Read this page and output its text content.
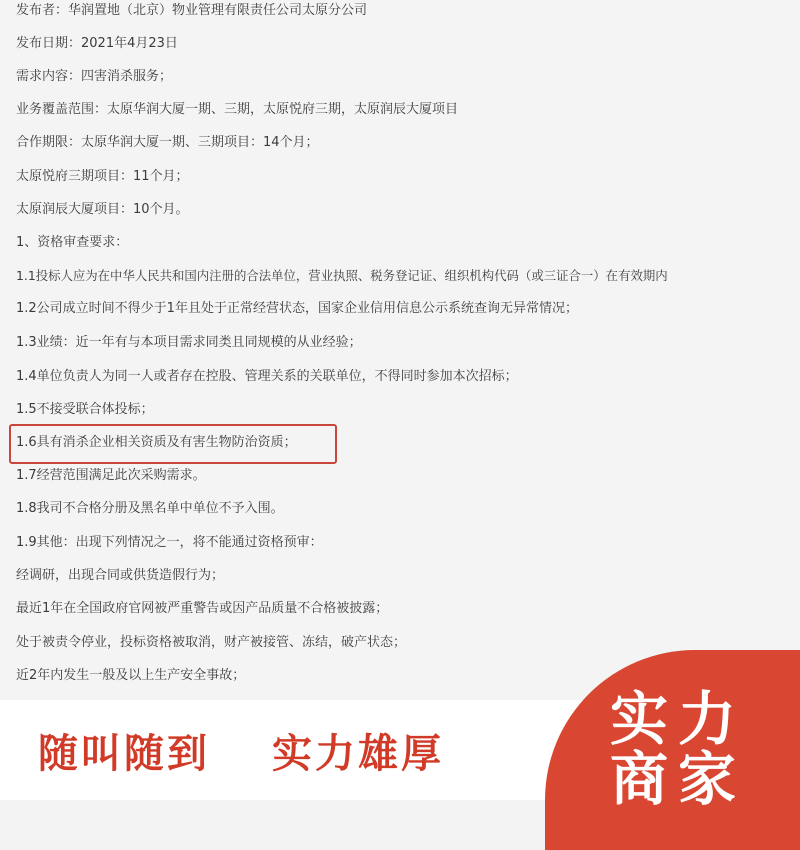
发布者：华润置地（北京）物业管理有限责任公司太原分公司
发布日期：2021年4月23日
需求内容：四害消杀服务；
业务覆盖范围：太原华润大厦一期、三期，太原悦府三期，太原润辰大厦项目
合作期限：太原华润大厦一期、三期项目：14个月；
太原悦府三期项目：11个月；
太原润辰大厦项目：10个月。
1、资格审查要求：
1.1投标人应为在中华人民共和国内注册的合法单位，营业执照、税务登记证、组织机构代码（或三证合一）在有效期内
1.2公司成立时间不得少于1年且处于正常经营状态，国家企业信用信息公示系统查询无异常情况；
1.3业绩：近一年有与本项目需求同类且同规模的从业经验；
1.4单位负责人为同一人或者存在控股、管理关系的关联单位，不得同时参加本次招标；
1.5不接受联合体投标；
1.6具有消杀企业相关资质及有害生物防治资质；
1.7经营范围满足此次采购需求。
1.8我司不合格分册及黑名单中单位不予入围。
1.9其他：出现下列情况之一，将不能通过资格预审：
经调研，出现合同或供货造假行为；
最近1年在全国政府官网被严重警告或因产品质量不合格被披露；
处于被责令停业，投标资格被取消，财产被接管、冻结，破产状态；
近2年内发生一般及以上生产安全事故；
随叫随到 实力雄厚
实力
商家
